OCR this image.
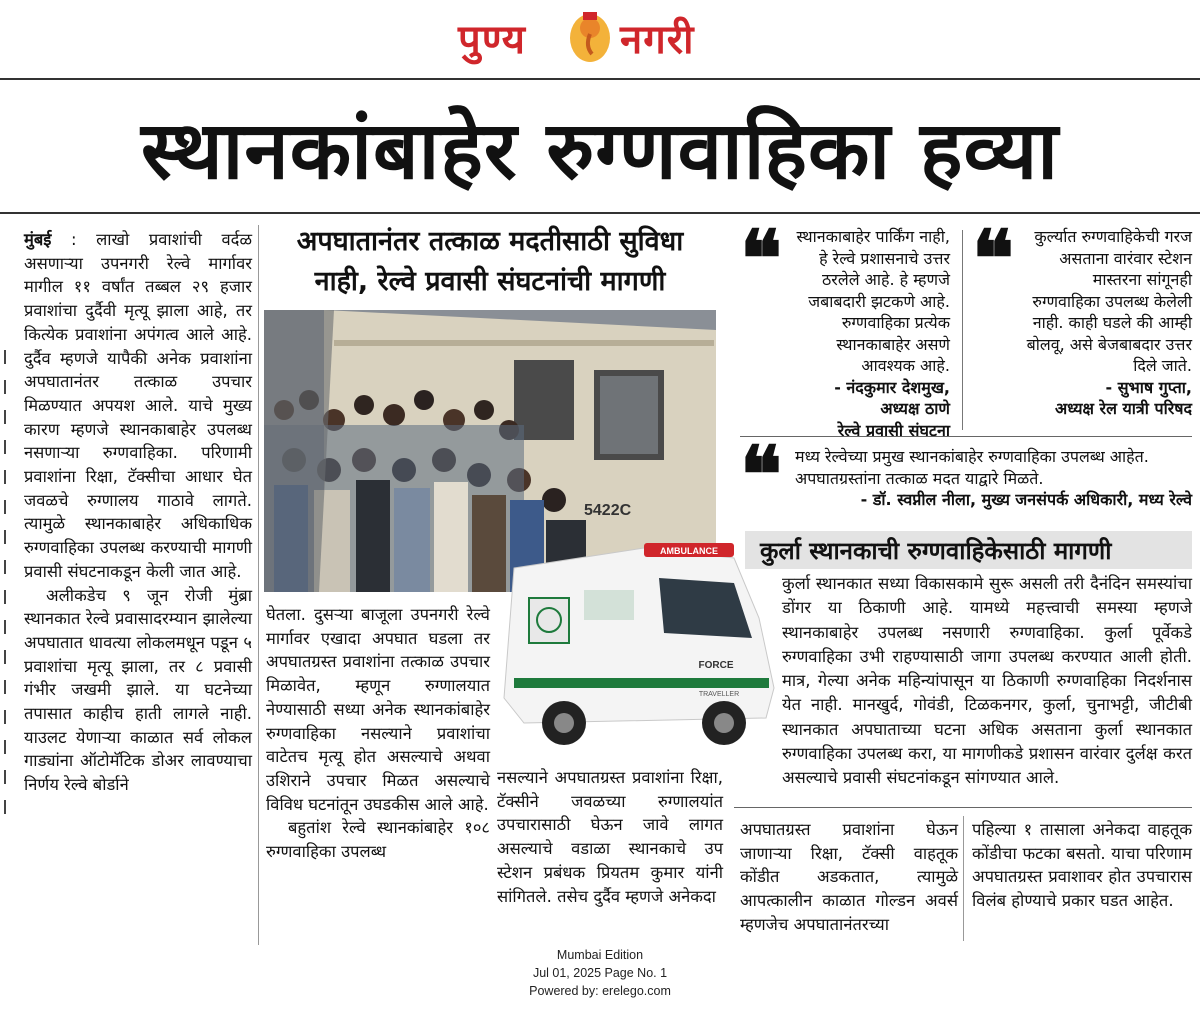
पुण्य नगरी
स्थानकांबाहेर रुग्णवाहिका हव्या

मुंबई : लाखो प्रवाशांची वर्दळ असणाऱ्या उपनगरी रेल्वे मार्गावर मागील ११ वर्षांत तब्बल २९ हजार प्रवाशांचा दुर्दैवी मृत्यू झाला आहे, तर कित्येक प्रवाशांना अपंगत्व आले आहे. दुर्दैव म्हणजे यापैकी अनेक प्रवाशांना अपघातानंतर तत्काळ उपचार मिळण्यात अपयश आले. याचे मुख्य कारण म्हणजे स्थानकाबाहेर उपलब्ध नसणाऱ्या रुग्णवाहिका. परिणामी प्रवाशांना रिक्षा, टॅक्सीचा आधार घेत जवळचे रुग्णालय गाठावे लागते. त्यामुळे स्थानकाबाहेर अधिकाधिक रुग्णवाहिका उपलब्ध करण्याची मागणी प्रवासी संघटनाकडून केली जात आहे.

अलीकडेच ९ जून रोजी मुंब्रा स्थानकात रेल्वे प्रवासादरम्यान झालेल्या अपघातात धावत्या लोकलमधून पडून ५ प्रवाशांचा मृत्यू झाला, तर ८ प्रवासी गंभीर जखमी झाले. या घटनेच्या तपासात काहीच हाती लागले नाही. याउलट येणाऱ्या काळात सर्व लोकल गाड्यांना ऑटोमॅटिक डोअर लावण्याचा निर्णय रेल्वे बोर्डाने

अपघातानंतर तत्काळ मदतीसाठी सुविधा
नाही, रेल्वे प्रवासी संघटनांची मागणी
5422C

घेतला. दुसऱ्या बाजूला उपनगरी रेल्वे मार्गावर एखादा अपघात घडला तर अपघातग्रस्त प्रवाशांना तत्काळ उपचार मिळावेत, म्हणून रुग्णालयात नेण्यासाठी सध्या अनेक स्थानकांबाहेर रुग्णवाहिका नसल्याने प्रवाशांचा वाटेतच मृत्यू होत असल्याचे अथवा उशिराने उपचार मिळत असल्याचे विविध घटनांतून उघडकीस आले आहे.

बहुतांश रेल्वे स्थानकांबाहेर १०८ रुग्णवाहिका उपलब्ध

AMBULANCE
FORCE
TRAVELLER

नसल्याने अपघातग्रस्त प्रवाशांना रिक्षा, टॅक्सीने जवळच्या रुग्णालयांत उपचारासाठी घेऊन जावे लागत असल्याचे वडाळा स्थानकाचे उप स्टेशन प्रबंधक प्रियतम कुमार यांनी सांगितले. तसेच दुर्दैव म्हणजे अनेकदा

❝ स्थानकाबाहेर पार्किंग नाही, हे रेल्वे प्रशासनाचे उत्तर ठरलेले आहे. हे म्हणजे जबाबदारी झटकणे आहे. रुग्णवाहिका प्रत्येक स्थानकाबाहेर असणे आवश्यक आहे.
- नंदकुमार देशमुख, अध्यक्ष ठाणे
रेल्वे प्रवासी संघटना
❝	कुर्ल्यात रुग्णवाहिकेची गरज असताना वारंवार स्टेशन मास्तरना सांगूनही रुग्णवाहिका उपलब्ध केलेली नाही. काही घडले की आम्ही बोलवू, असे बेजबाबदार उत्तर दिले जाते.
- सुभाष गुप्ता,
अध्यक्ष रेल यात्री परिषद
❝ मध्य रेल्वेच्या प्रमुख स्थानकांबाहेर रुग्णवाहिका उपलब्ध आहेत.
अपघातग्रस्तांना तत्काळ मदत याद्वारे मिळते.
- डॉ. स्वप्नील नीला, मुख्य जनसंपर्क अधिकारी, मध्य रेल्वे
कुर्ला स्थानकाची रुग्णवाहिकेसाठी मागणी
कुर्ला स्थानकात सध्या विकासकामे सुरू असली तरी दैनंदिन समस्यांचा डोंगर या ठिकाणी आहे. यामध्ये महत्त्वाची समस्या म्हणजे स्थानकाबाहेर उपलब्ध नसणारी रुग्णवाहिका. कुर्ला पूर्वेकडे रुग्णवाहिका उभी राहण्यासाठी जागा उपलब्ध करण्यात आली होती. मात्र, गेल्या अनेक महिन्यांपासून या ठिकाणी रुग्णवाहिका निदर्शनास येत नाही. मानखुर्द, गोवंडी, टिळकनगर, कुर्ला, चुनाभट्टी, जीटीबी स्थानकात अपघाताच्या घटना अधिक असताना कुर्ला स्थानकात रुग्णवाहिका उपलब्ध करा, या मागणीकडे प्रशासन वारंवार दुर्लक्ष करत असल्याचे प्रवासी संघटनांकडून सांगण्यात आले.

अपघातग्रस्त प्रवाशांना घेऊन जाणाऱ्या रिक्षा, टॅक्सी वाहतूक कोंडीत अडकतात, त्यामुळे आपत्कालीन काळात गोल्डन अवर्स म्हणजेच अपघातानंतरच्या

पहिल्या १ तासाला अनेकदा वाहतूक कोंडीचा फटका बसतो. याचा परिणाम अपघातग्रस्त प्रवाशावर होत उपचारास विलंब होण्याचे प्रकार घडत आहेत.

Mumbai Edition
Jul 01, 2025 Page No. 1
Powered by: erelego.com
